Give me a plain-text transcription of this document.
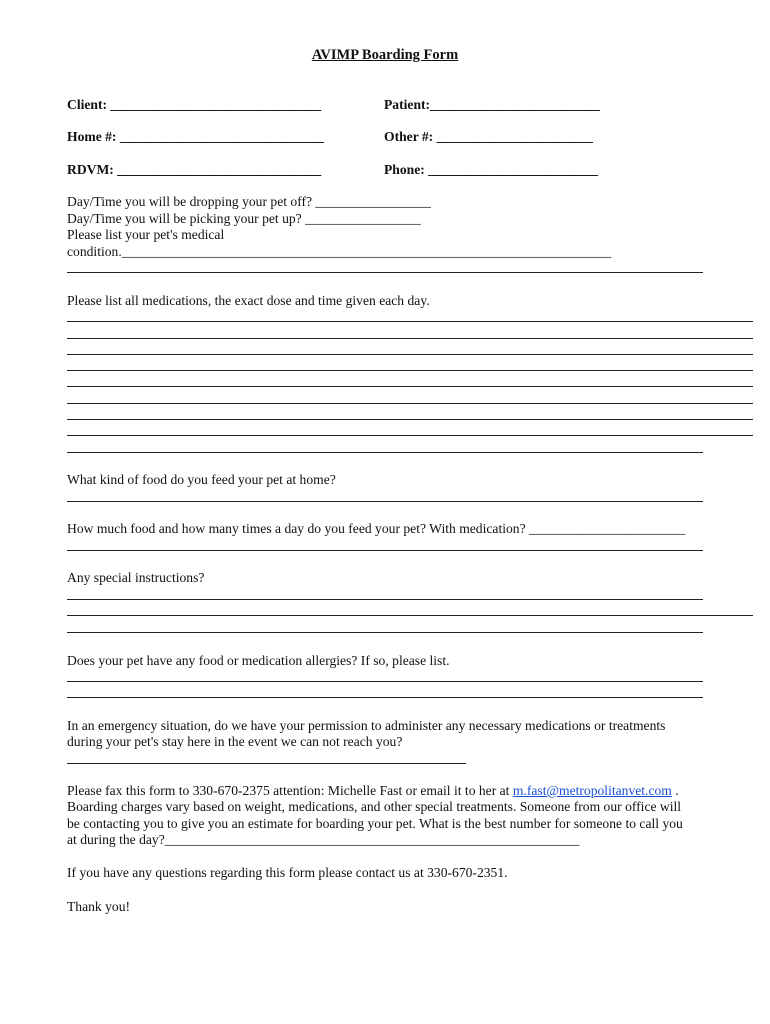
AVIMP Boarding Form
Client: _______________________________	Patient:_________________________
Home #: ______________________________	Other #: _______________________
RDVM: ______________________________	Phone: _________________________
Day/Time you will be dropping your pet off? _________________
Day/Time you will be picking your pet up? _________________
Please list your pet's medical
condition.________________________________________________________________________
Please list all medications, the exact dose and time given each day.
What kind of food do you feed your pet at home?
How much food and how many times a day do you feed your pet? With medication? _______________________
Any special instructions?
Does your pet have any food or medication allergies? If so, please list.
In an emergency situation, do we have your permission to administer any necessary medications or treatments
during your pet's stay here in the event we can not reach you?
Please fax this form to 330-670-2375 attention: Michelle Fast or email it to her at m.fast@metropolitanvet.com .
Boarding charges vary based on weight, medications, and other special treatments. Someone from our office will
be contacting you to give you an estimate for boarding your pet. What is the best number for someone to call you
at during the day?_____________________________________________________________
If you have any questions regarding this form please contact us at 330-670-2351.
Thank you!
